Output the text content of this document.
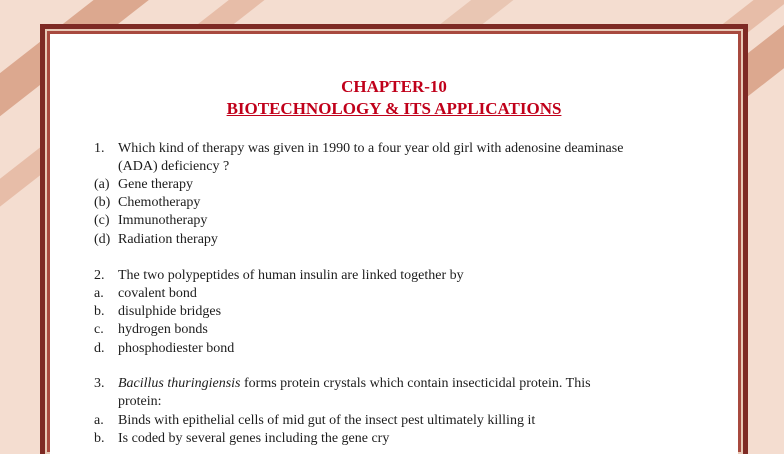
CHAPTER-10
BIOTECHNOLOGY & ITS APPLICATIONS
1. Which kind of therapy was given in 1990 to a four year old girl with adenosine deaminase
(ADA) deficiency ?
(a) Gene therapy
(b) Chemotherapy
(c) Immunotherapy
(d) Radiation therapy
2. The two polypeptides of human insulin are linked together by
a. covalent bond
b. disulphide bridges
c. hydrogen bonds
d. phosphodiester bond
3. Bacillus thuringiensis forms protein crystals which contain insecticidal protein. This
protein:
a. Binds with epithelial cells of mid gut of the insect pest ultimately killing it
b. Is coded by several genes including the gene cry
